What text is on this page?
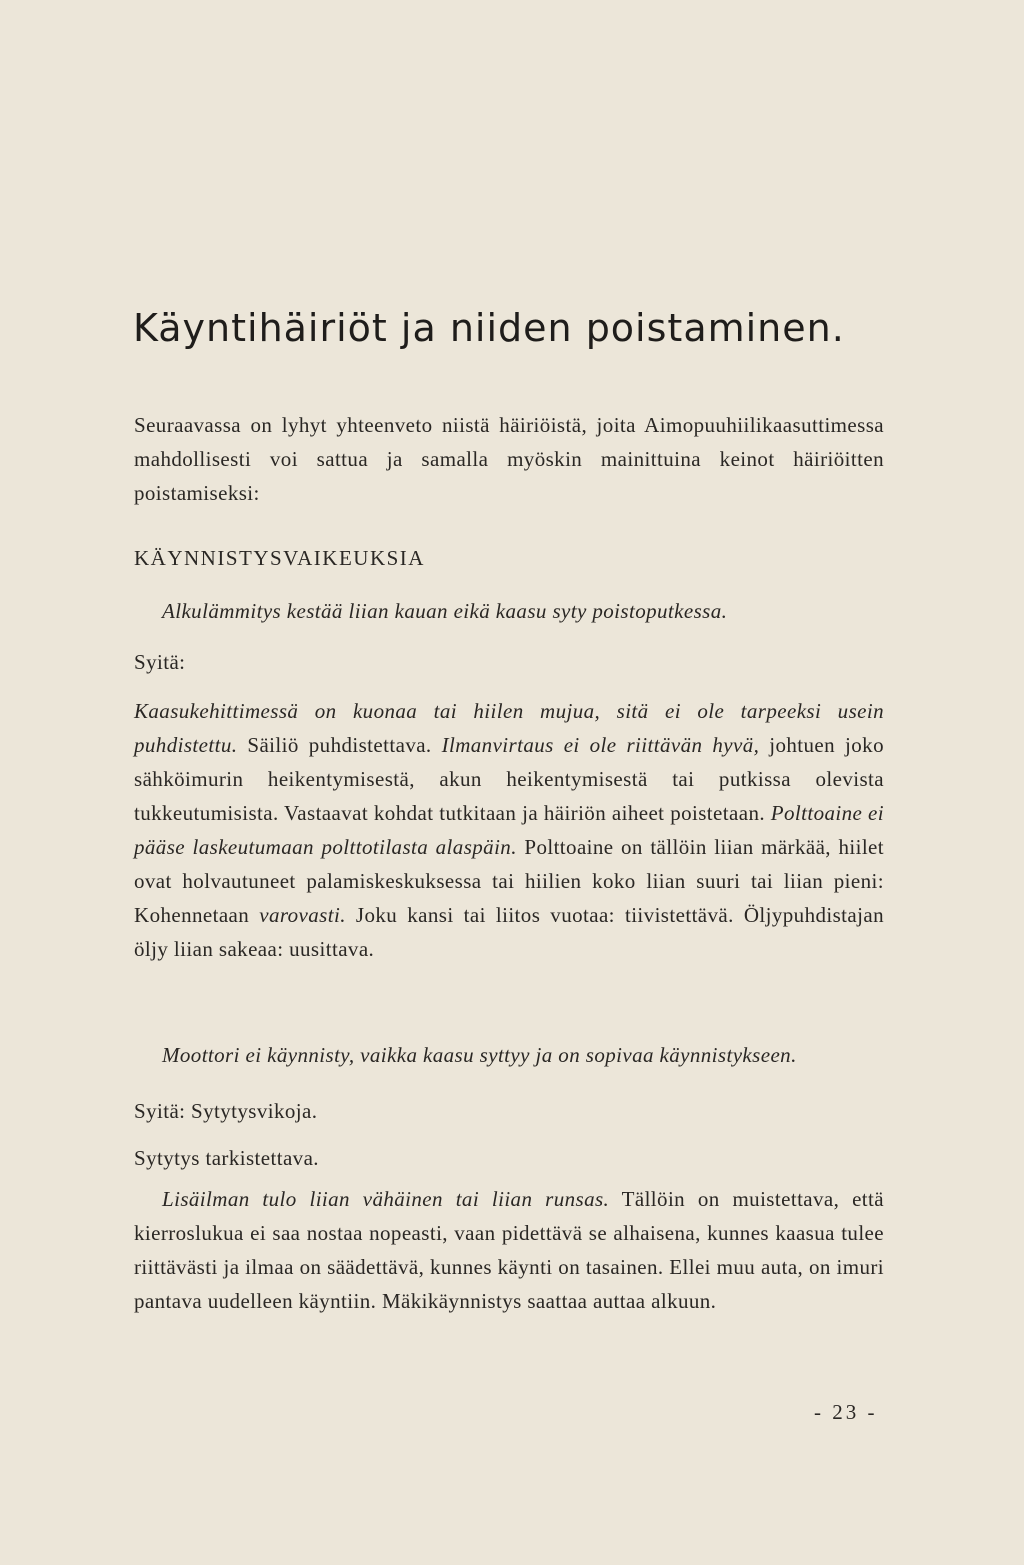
Käyntihäiriöt ja niiden poistaminen.
Seuraavassa on lyhyt yhteenveto niistä häiriöistä, joita Aimopuuhiilikaasuttimessa mahdollisesti voi sattua ja samalla myöskin mainittuina keinot häiriöitten poistamiseksi:
KÄYNNISTYSVAIKEUKSIA
Alkulämmitys kestää liian kauan eikä kaasu syty poistoputkessa.
Syitä:
Kaasukehittimessä on kuonaa tai hiilen mujua, sitä ei ole tarpeeksi usein puhdistettu. Säiliö puhdistettava. Ilmanvirtaus ei ole riittävän hyvä, johtuen joko sähköimurin heikentymisestä, akun heikentymisestä tai putkissa olevista tukkeutumisista. Vastaavat kohdat tutkitaan ja häiriön aiheet poistetaan. Polttoaine ei pääse laskeutumaan polttotilasta alaspäin. Polttoaine on tällöin liian märkää, hiilet ovat holvautuneet palamiskeskuksessa tai hiilien koko liian suuri tai liian pieni: Kohennetaan varovasti. Joku kansi tai liitos vuotaa: tiivistettävä. Öljypuhdistajan öljy liian sakeaa: uusittava.
Moottori ei käynnisty, vaikka kaasu syttyy ja on sopivaa käynnistykseen.
Syitä: Sytytysvikoja.
Sytytys tarkistettava.
Lisäilman tulo liian vähäinen tai liian runsas. Tällöin on muistettava, että kierroslukua ei saa nostaa nopeasti, vaan pidettävä se alhaisena, kunnes kaasua tulee riittävästi ja ilmaa on säädettävä, kunnes käynti on tasainen. Ellei muu auta, on imuri pantava uudelleen käyntiin. Mäkikäynnistys saattaa auttaa alkuun.
- 23 -
